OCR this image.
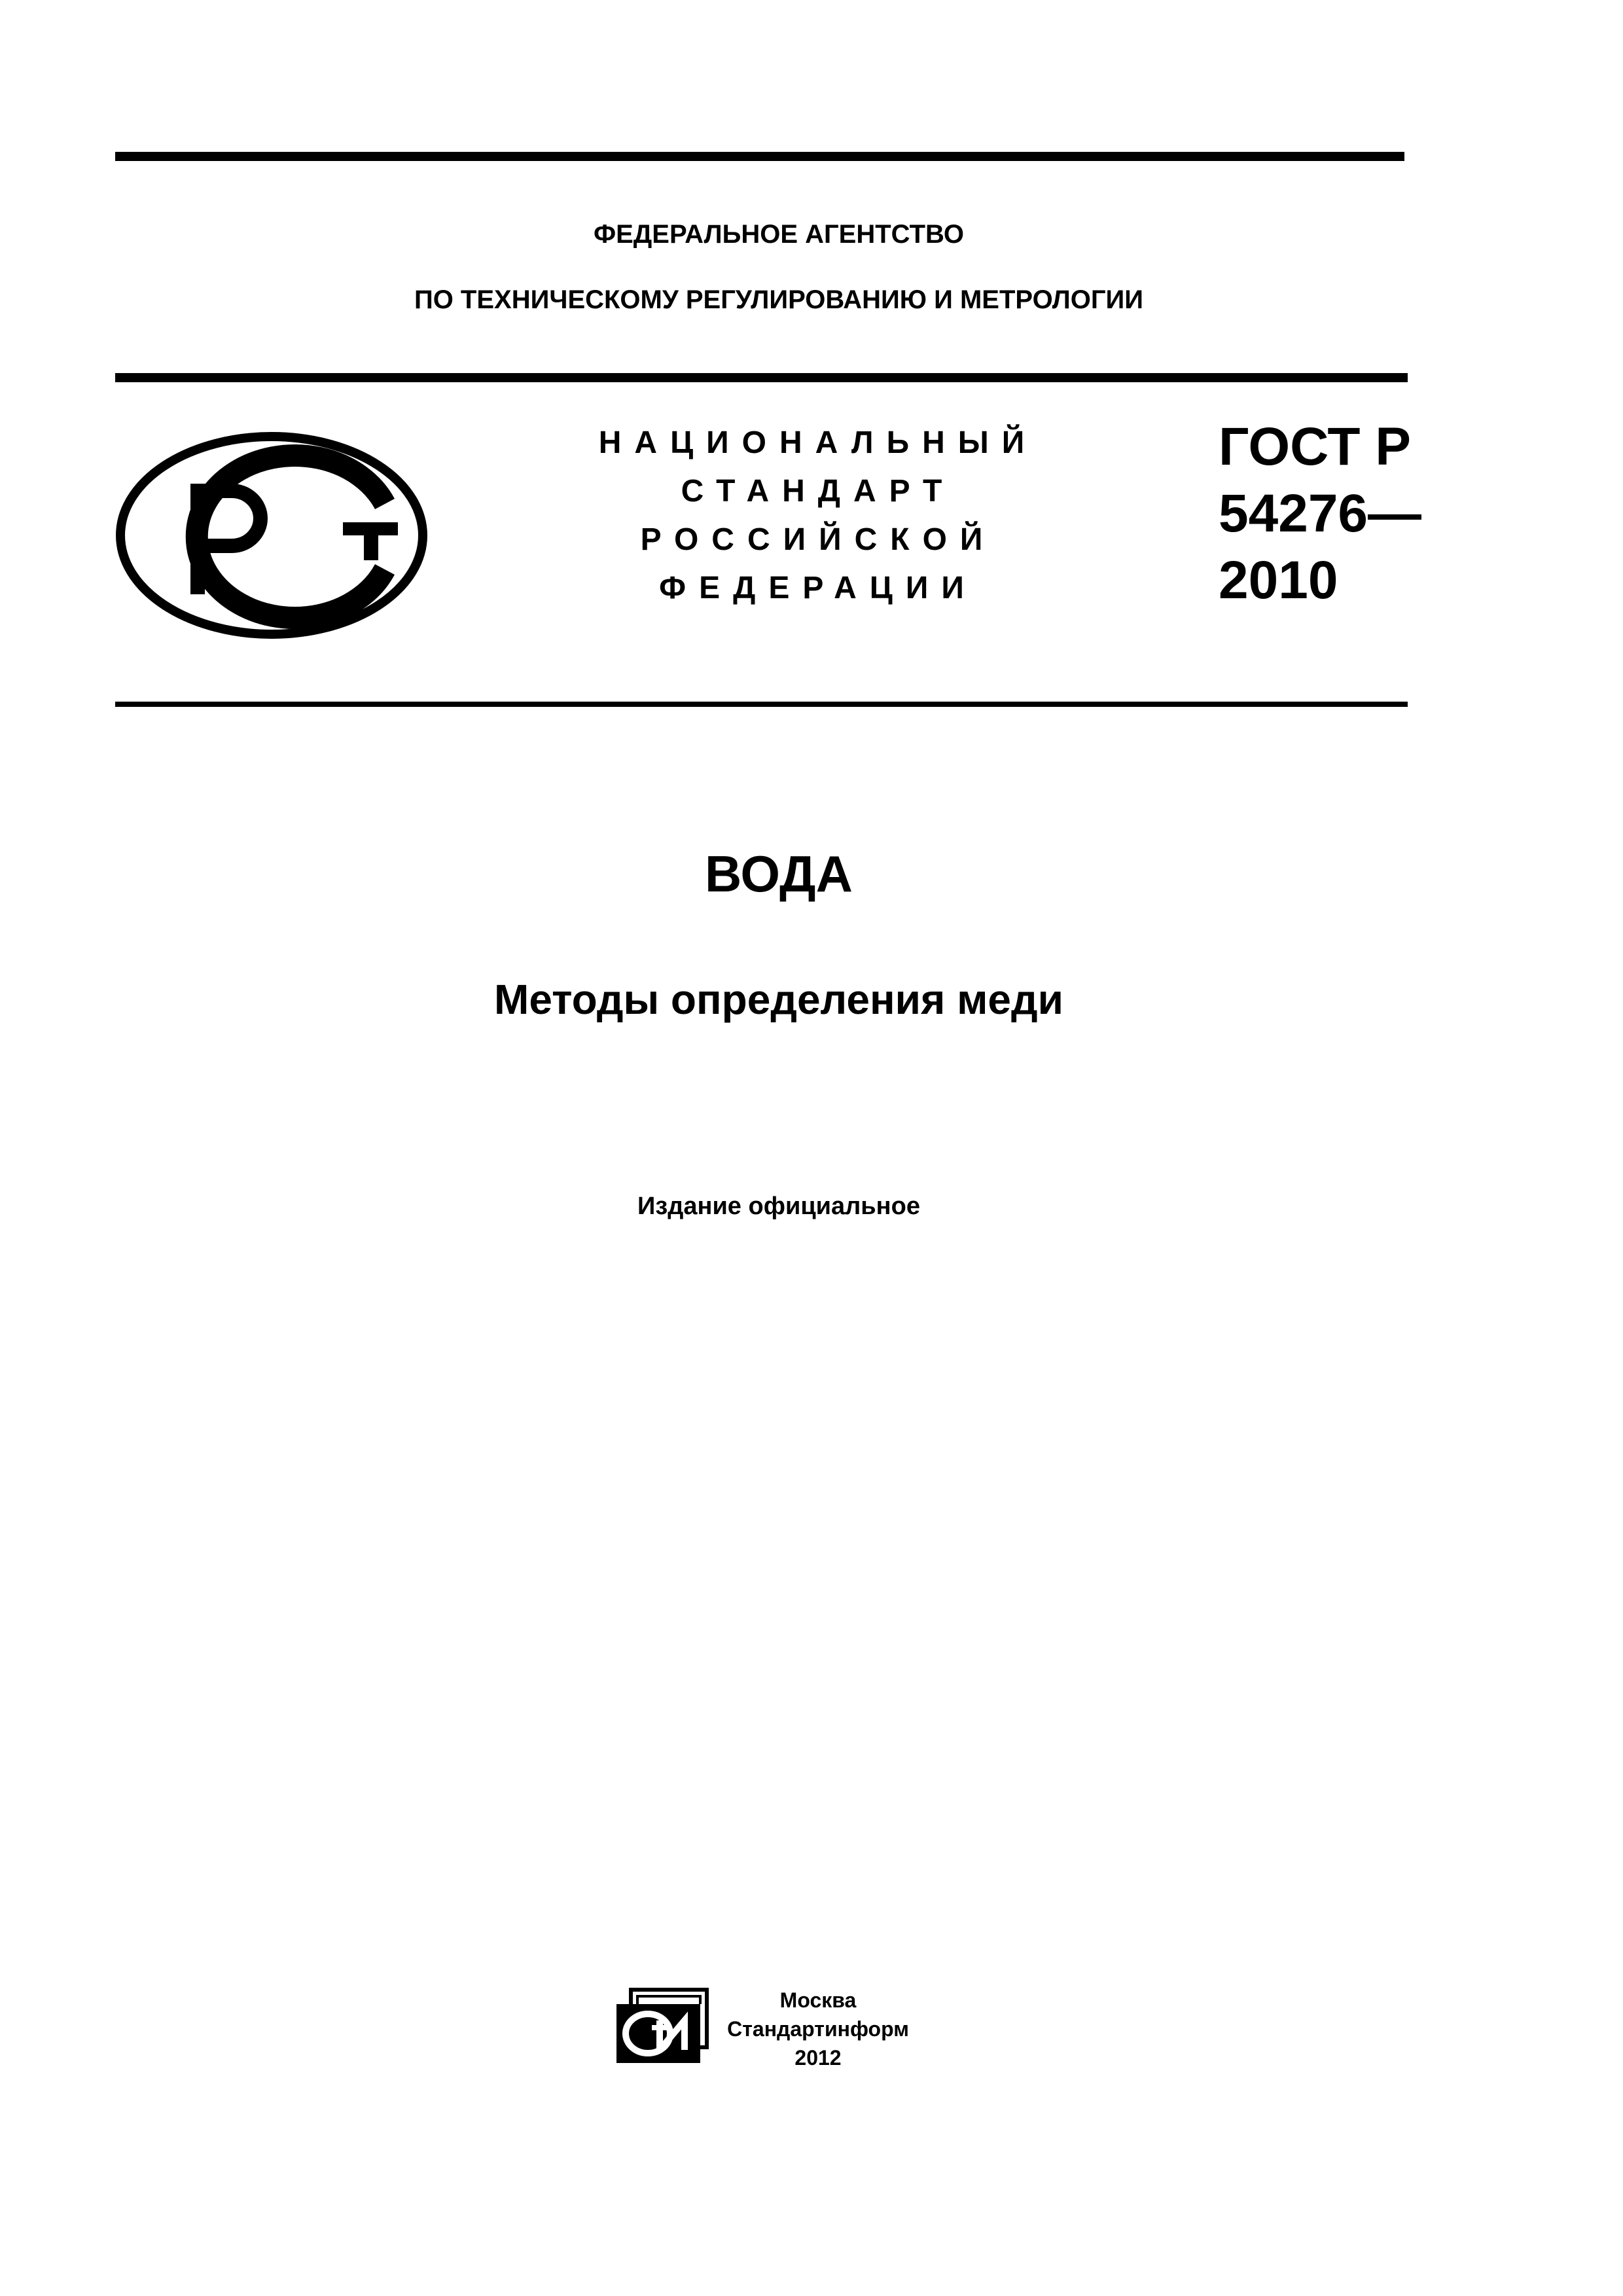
ФЕДЕРАЛЬНОЕ АГЕНТСТВО
ПО ТЕХНИЧЕСКОМУ РЕГУЛИРОВАНИЮ И МЕТРОЛОГИИ
РСТ	НАЦИОНАЛЬНЫЙ
СТАНДАРТ
РОССИЙСКОЙ
ФЕДЕРАЦИИ
ГОСТ Р
54276—
2010
ВОДА
Методы определения меди
Издание официальное
СТИ
Москва
Стандартинформ
2012
